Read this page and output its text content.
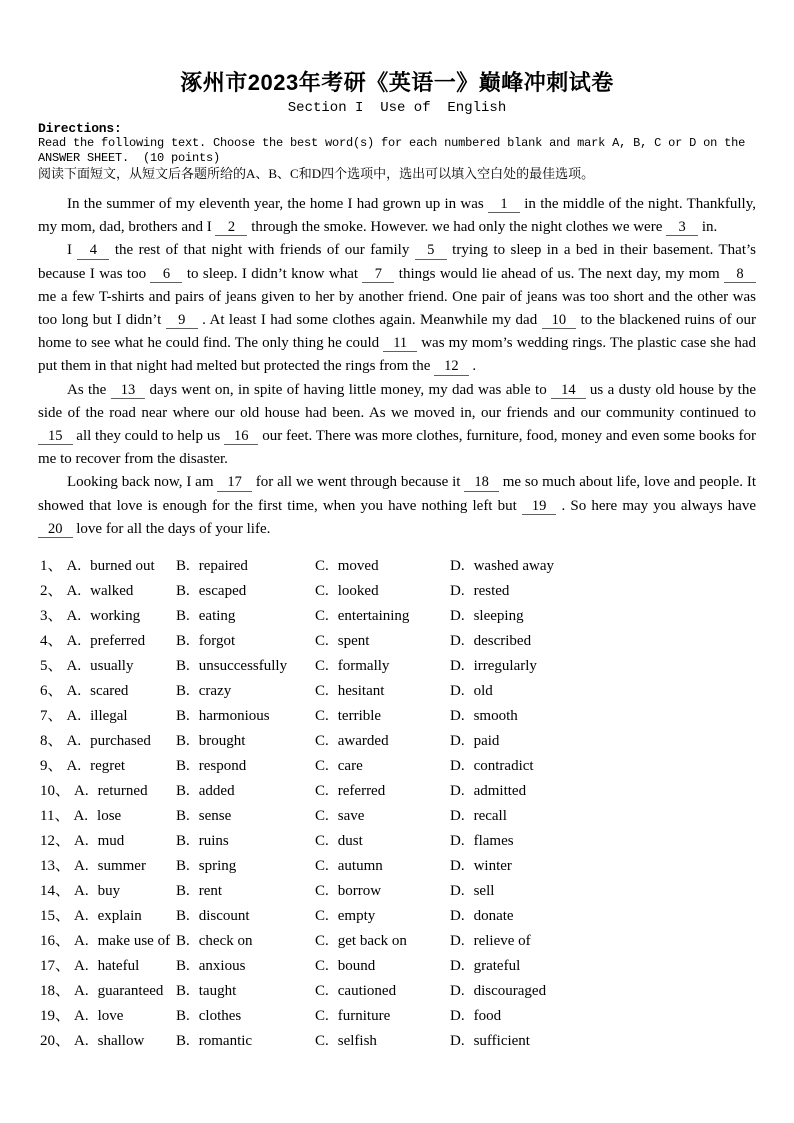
涿州市2023年考研《英语一》巅峰冲刺试卷
Section I  Use of  English
Directions:
Read the following text. Choose the best word(s) for each numbered blank and mark A, B, C or D on the
ANSWER SHEET.  (10 points)
阅读下面短文，从短文后各题所给的A、B、C和D四个选项中，选出可以填入空白处的最佳选项。

In the summer of my eleventh year, the home I had grown up in was 1 in the middle of the night. Thankfully, my mom, dad, brothers and I 2 through the smoke. However. we had only the night clothes we were 3 in.

I 4 the rest of that night with friends of our family 5 trying to sleep in a bed in their basement. That’s because I was too 6 to sleep. I didn’t know what 7 things would lie ahead of us. The next day, my mom 8 me a few T-shirts and pairs of jeans given to her by another friend. One pair of jeans was too short and the other was too long but I didn’t 9 . At least I had some clothes again. Meanwhile my dad 10 to the blackened ruins of our home to see what he could find. The only thing he could 11 was my mom’s wedding rings. The plastic case she had put them in that night had melted but protected the rings from the 12 .

As the 13 days went on, in spite of having little money, my dad was able to 14 us a dusty old house by the side of the road near where our old house had been. As we moved in, our friends and our community continued to 15 all they could to help us 16 our feet. There was more clothes, furniture, food, money and even some books for me to recover from the disaster.

Looking back now, I am 17 for all we went through because it 18 me so much about life, love and people. It showed that love is enough for the first time, when you have nothing left but 19 . So here may you always have 20 love for all the days of your life.

1、 A. burned out	B. repaired	C. moved	D. washed away
2、 A. walked	B. escaped	C. looked	D. rested
3、 A. working	B. eating	C. entertaining	D. sleeping
4、 A. preferred	B. forgot	C. spent	D. described
5、 A. usually	B. unsuccessfully	C. formally	D. irregularly
6、 A. scared	B. crazy	C. hesitant	D. old
7、 A. illegal	B. harmonious	C. terrible	D. smooth
8、 A. purchased	B. brought	C. awarded	D. paid
9、 A. regret	B. respond	C. care	D. contradict
10、 A. returned	B. added	C. referred	D. admitted
11、 A. lose	B. sense	C. save	D. recall
12、 A. mud	B. ruins	C. dust	D. flames
13、 A. summer	B. spring	C. autumn	D. winter
14、 A. buy	B. rent	C. borrow	D. sell
15、 A. explain	B. discount	C. empty	D. donate
16、 A. make use of B. check on	C. get back on	D. relieve of
17、 A. hateful	B. anxious	C. bound	D. grateful
18、 A. guaranteed B. taught	C. cautioned	D. discouraged
19、 A. love	B. clothes	C. furniture	D. food
20、 A. shallow	B. romantic	C. selfish	D. sufficient
